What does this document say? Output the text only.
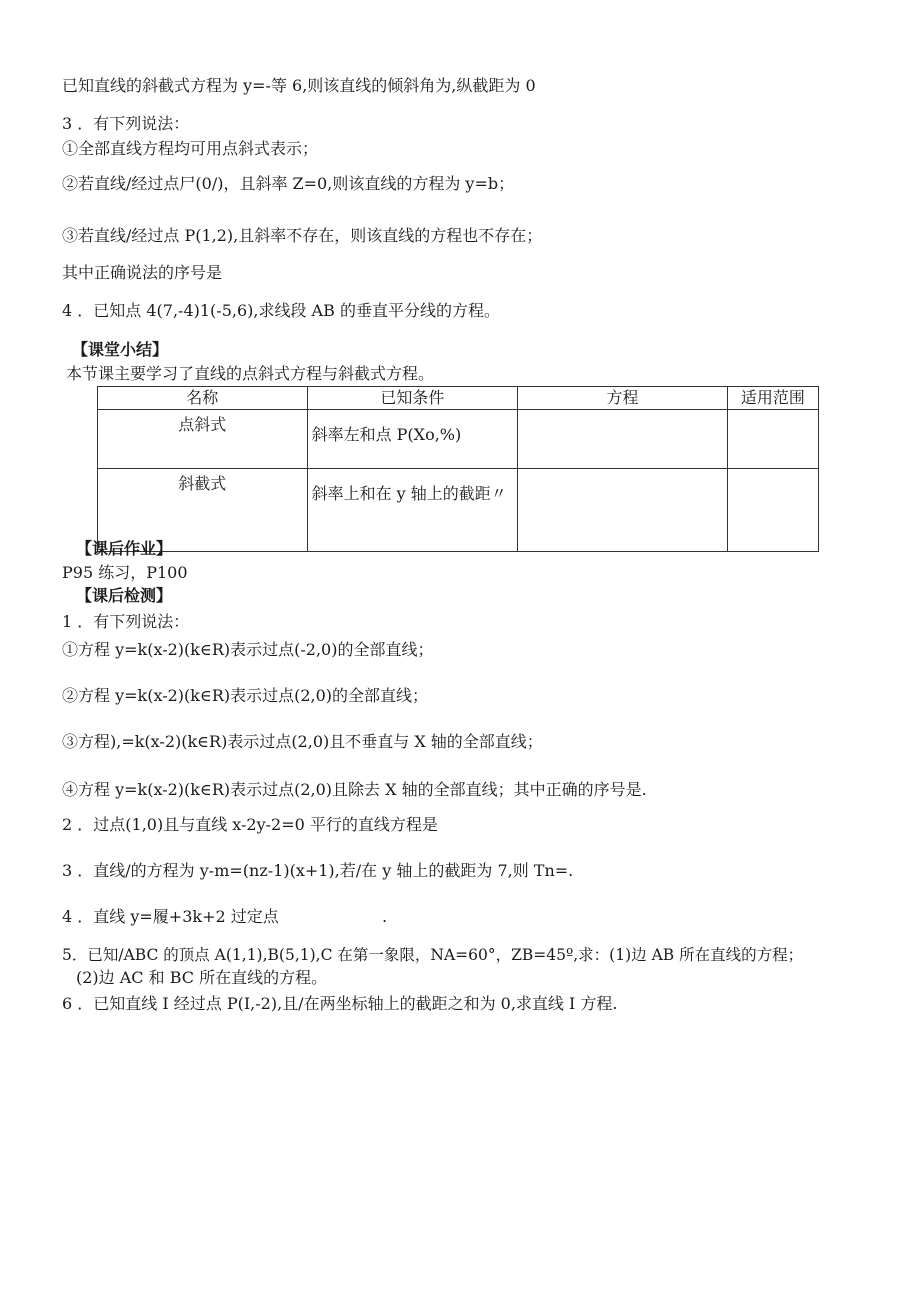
已知直线的斜截式方程为 y=-等 6,则该直线的倾斜角为,纵截距为 0
3 ．有下列说法：
①全部直线方程均可用点斜式表示；
②若直线/经过点尸(0/)，且斜率 Z=0,则该直线的方程为 y=b；
③若直线/经过点 P(1,2),且斜率不存在，则该直线的方程也不存在；
其中正确说法的序号是
4 ．已知点 4(7,-4)1(-5,6),求线段 AB 的垂直平分线的方程。
【课堂小结】
本节课主要学习了直线的点斜式方程与斜截式方程。
名称	已知条件	方程	适用范围
点斜式	斜率左和点 P(Xo,%)		
斜截式	斜率上和在 y 轴上的截距〃		
【课后作业】
P95 练习，P100
【课后检测】
1 ．有下列说法：
①方程 y=k(x-2)(k∈R)表示过点(-2,0)的全部直线；
②方程 y=k(x-2)(k∈R)表示过点(2,0)的全部直线；
③方程),=k(x-2)(k∈R)表示过点(2,0)且不垂直与 X 轴的全部直线；
④方程 y=k(x-2)(k∈R)表示过点(2,0)且除去 X 轴的全部直线；其中正确的序号是.
2 ．过点(1,0)且与直线 x-2y-2=0 平行的直线方程是
3 ．直线/的方程为 y-m=(nz-1)(x+1),若/在 y 轴上的截距为 7,则 Tn=.
4 ．直线 y=履+3k+2 过定点	.
5．已知/ABC 的顶点 A(1,1),B(5,1),C 在第一象限，NA=60°，ZB=45º,求：(1)边 AB 所在直线的方程；
(2)边 AC 和 BC 所在直线的方程。
6 ．已知直线 I 经过点 P(I,-2),且/在两坐标轴上的截距之和为 0,求直线 I 方程.
